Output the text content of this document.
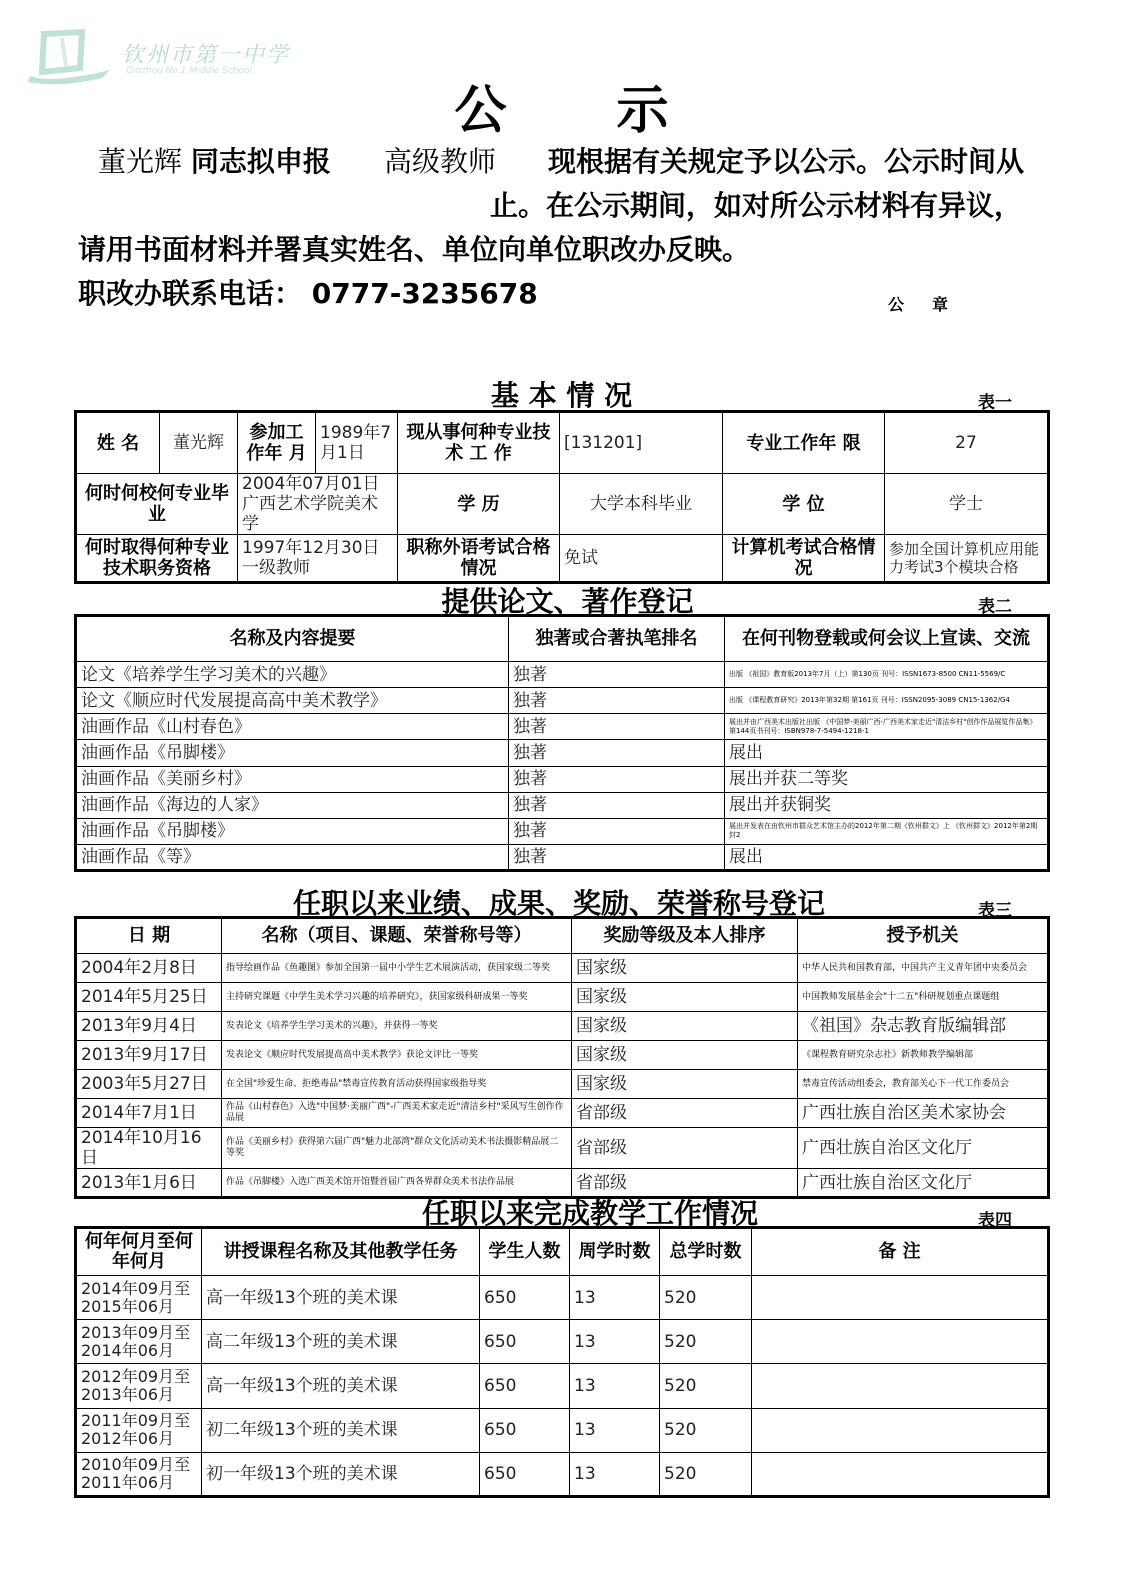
钦州市第一中学
Qinzhou No.1 Middle School
公示
董光辉 同志拟申报 高级教师 现根据有关规定予以公示。公示时间从
止。在公示期间，如对所公示材料有异议，
请用书面材料并署真实姓名、单位向单位职改办反映。
职改办联系电话： 0777-3235678	公 章
基 本 情 况	表一
姓 名	董光辉	参加工作年 月	1989年7月1日	现从事何种专业技 术 工 作	[131201]	专业工作年 限	27
何时何校何专业毕 业		2004年07月01日广西艺术学院美术学		学 历	大学本科毕业	学 位	学士
何时取得何种专业技术职务资格		1997年12月30日一级教师		职称外语考试合格情况	免试	计算机考试合格情况	参加全国计算机应用能力考试3个模块合格
提供论文、著作登记	表二
名称及内容提要	独著或合著执笔排名	在何刊物登载或何会议上宣读、交流
论文《培养学生学习美术的兴趣》	独著	出版 《祖国》教育版2013年7月（上）第130页 刊号：ISSN1673-8500 CN11-5569/C
论文《顺应时代发展提高高中美术教学》	独著	出版 《课程教育研究》2013年第32期 第161页 刊号：ISSN2095-3089 CN15-1362/G4
油画作品《山村春色》	独著	展出并由广西美术出版社出版 《中国梦·美丽广西-广西美术家走近"清洁乡村"创作作品展览作品集》第144页书刊号：ISBN978-7-5494-1218-1
油画作品《吊脚楼》	独著	展出
油画作品《美丽乡村》	独著	展出并获二等奖
油画作品《海边的人家》	独著	展出并获铜奖
油画作品《吊脚楼》	独著	展出并发表在由钦州市群众艺术馆主办的2012年第二期《钦州群文》上 《钦州群文》2012年第2期封2
油画作品《等》	独著	展出
任职以来业绩、成果、奖励、荣誉称号登记	表三
日 期	名称（项目、课题、荣誉称号等）	奖励等级及本人排序	授予机关
2004年2月8日	指导绘画作品《鱼趣图》参加全国第一届中小学生艺术展演活动，获国家级二等奖	国家级	中华人民共和国教育部，中国共产主义青年团中央委员会
2014年5月25日	主持研究课题《中学生美术学习兴趣的培养研究》，获国家级科研成果一等奖	国家级	中国教师发展基金会"十二五"科研规划重点课题组
2013年9月4日	发表论文《培养学生学习美术的兴趣》，并获得一等奖	国家级	《祖国》杂志教育版编辑部
2013年9月17日	发表论文《顺应时代发展提高高中美术教学》获论文评比一等奖	国家级	《课程教育研究杂志社》新教师教学编辑部
2003年5月27日	在全国"珍爱生命、拒绝毒品"禁毒宣传教育活动获得国家级指导奖	国家级	禁毒宣传活动组委会，教育部关心下一代工作委员会
2014年7月1日	作品《山村春色》入选"中国梦·美丽广西"-广西美术家走近"清洁乡村"采风写生创作作品展	省部级	广西壮族自治区美术家协会
2014年10月16日	作品《美丽乡村》获得第六届广西"魅力北部湾"群众文化活动美术书法摄影精品展二等奖	省部级	广西壮族自治区文化厅
2013年1月6日	作品《吊脚楼》入选广西美术馆开馆暨首届广西各界群众美术书法作品展	省部级	广西壮族自治区文化厅
任职以来完成教学工作情况	表四
何年何月至何年何月	讲授课程名称及其他教学任务	学生人数	周学时数	总学时数	备 注
2014年09月至2015年06月	高一年级13个班的美术课	650	13	520	
2013年09月至2014年06月	高二年级13个班的美术课	650	13	520	
2012年09月至2013年06月	高一年级13个班的美术课	650	13	520	
2011年09月至2012年06月	初二年级13个班的美术课	650	13	520	
2010年09月至2011年06月	初一年级13个班的美术课	650	13	520	
